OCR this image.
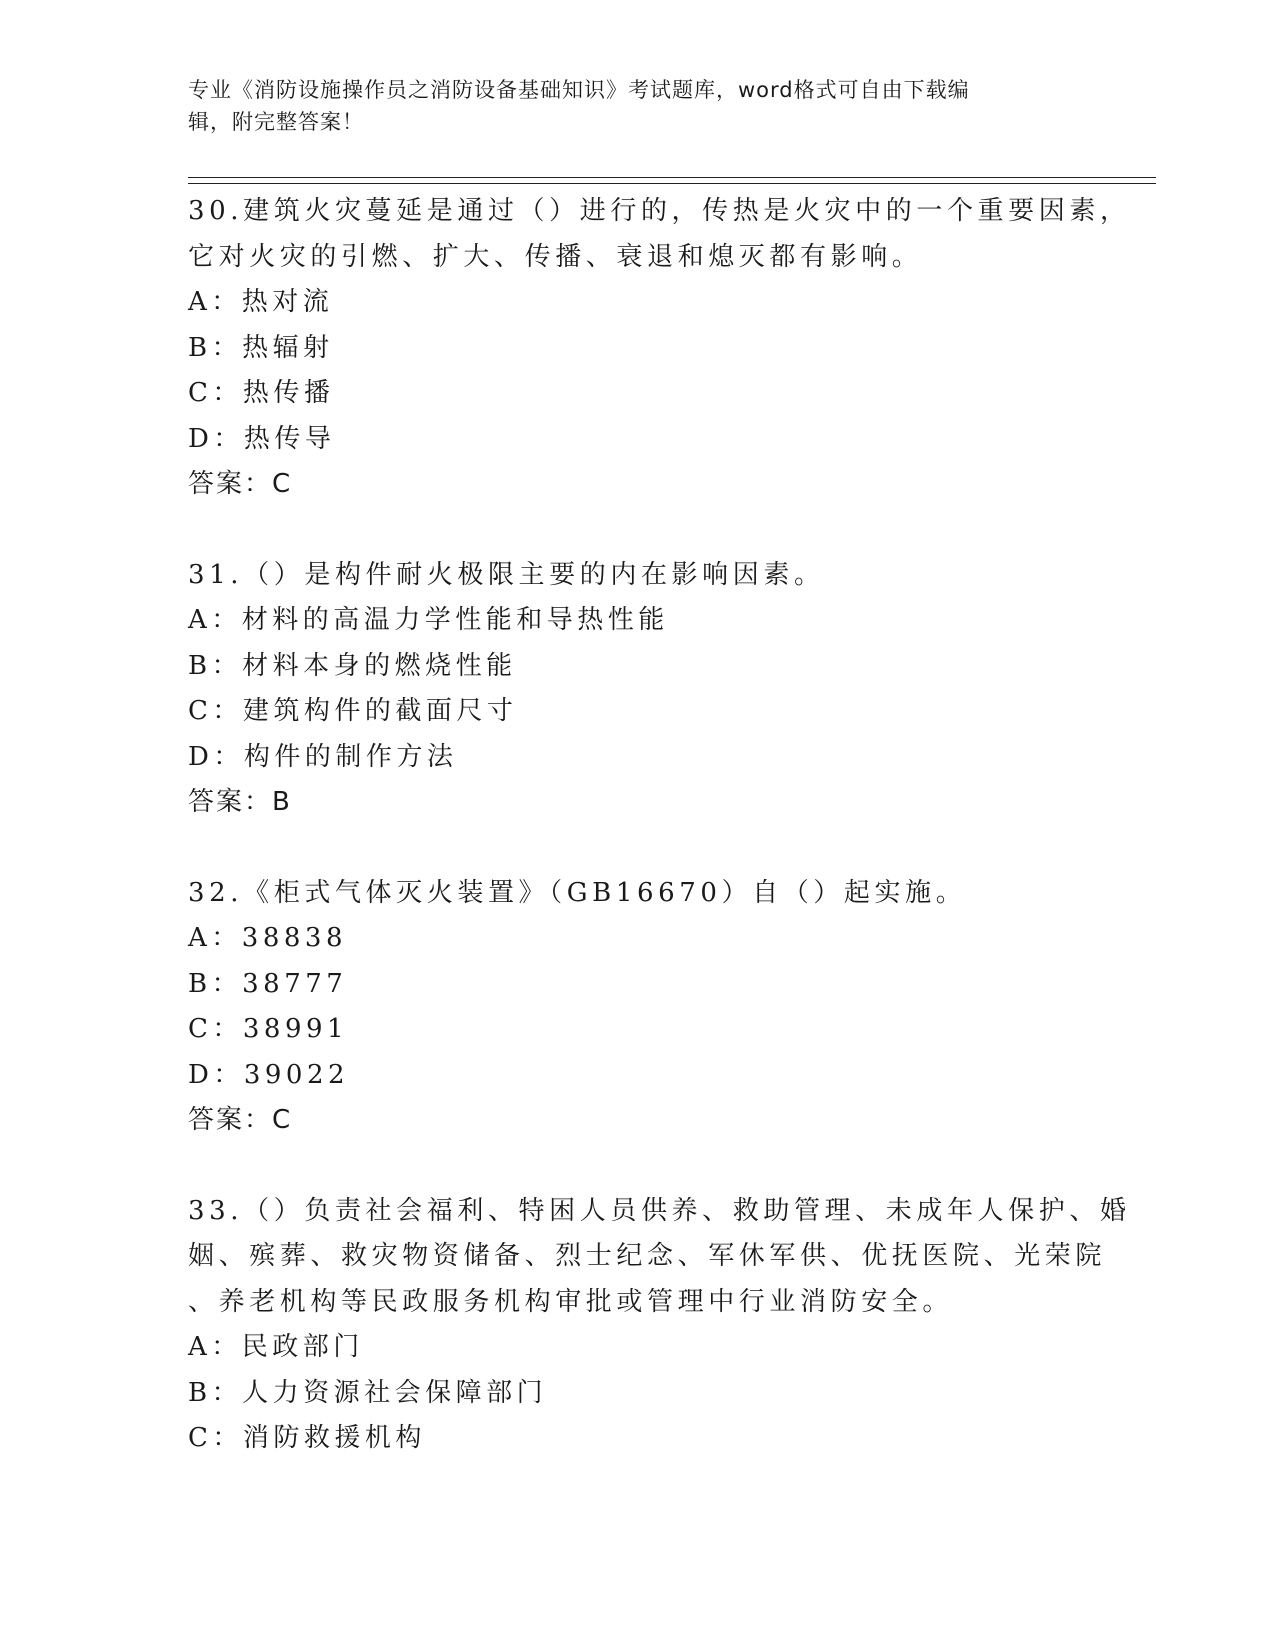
专业《消防设施操作员之消防设备基础知识》考试题库，word格式可自由下载编
辑，附完整答案！
30.建筑火灾蔓延是通过（）进行的，传热是火灾中的一个重要因素，
它对火灾的引燃、扩大、传播、衰退和熄灭都有影响。
A：热对流
B：热辐射
C：热传播
D：热传导
答案：C
31.（）是构件耐火极限主要的内在影响因素。
A：材料的高温力学性能和导热性能
B：材料本身的燃烧性能
C：建筑构件的截面尺寸
D：构件的制作方法
答案：B
32.《柜式气体灭火装置》（GB16670）自（）起实施。
A：38838
B：38777
C：38991
D：39022
答案：C
33.（）负责社会福利、特困人员供养、救助管理、未成年人保护、婚
姻、殡葬、救灾物资储备、烈士纪念、军休军供、优抚医院、光荣院
、养老机构等民政服务机构审批或管理中行业消防安全。
A：民政部门
B：人力资源社会保障部门
C：消防救援机构
